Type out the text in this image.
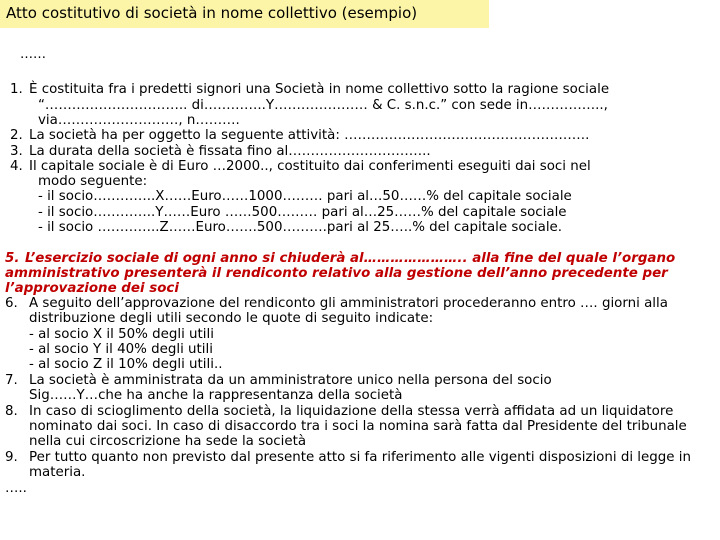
Atto costitutivo di società in nome collettivo (esempio)
……
1. È costituita fra i predetti signori una Società in nome collettivo sotto la ragione sociale
“………………………….. di…………..Y………………… & C. s.n.c.” con sede in……………..,
via………………………, n……….
2. La società ha per oggetto la seguente attività: ……………………………………………….
3. La durata della società è fissata fino al…………………………..
4. Il capitale sociale è di Euro …2000.., costituito dai conferimenti eseguiti dai soci nel
modo seguente:
- il socio…………..X……Euro……1000……… pari al…50……% del capitale sociale
- il socio…………..Y……Euro ……500……… pari al…25……% del capitale sociale
- il socio …………..Z……Euro…….500……….pari al 25…..% del capitale sociale.
5. L’esercizio sociale di ogni anno si chiuderà al………………….. alla fine del quale l’organo
amministrativo presenterà il rendiconto relativo alla gestione dell’anno precedente per
l’approvazione dei soci
6. A seguito dell’approvazione del rendiconto gli amministratori procederanno entro …. giorni alla
distribuzione degli utili secondo le quote di seguito indicate:
- al socio X il 50% degli utili
- al socio Y il 40% degli utili
- al socio Z il 10% degli utili..
7. La società è amministrata da un amministratore unico nella persona del socio
Sig……Y…che ha anche la rappresentanza della società
8. In caso di scioglimento della società, la liquidazione della stessa verrà affidata ad un liquidatore
nominato dai soci. In caso di disaccordo tra i soci la nomina sarà fatta dal Presidente del tribunale
nella cui circoscrizione ha sede la società
9. Per tutto quanto non previsto dal presente atto si fa riferimento alle vigenti disposizioni di legge in
materia.
…..
